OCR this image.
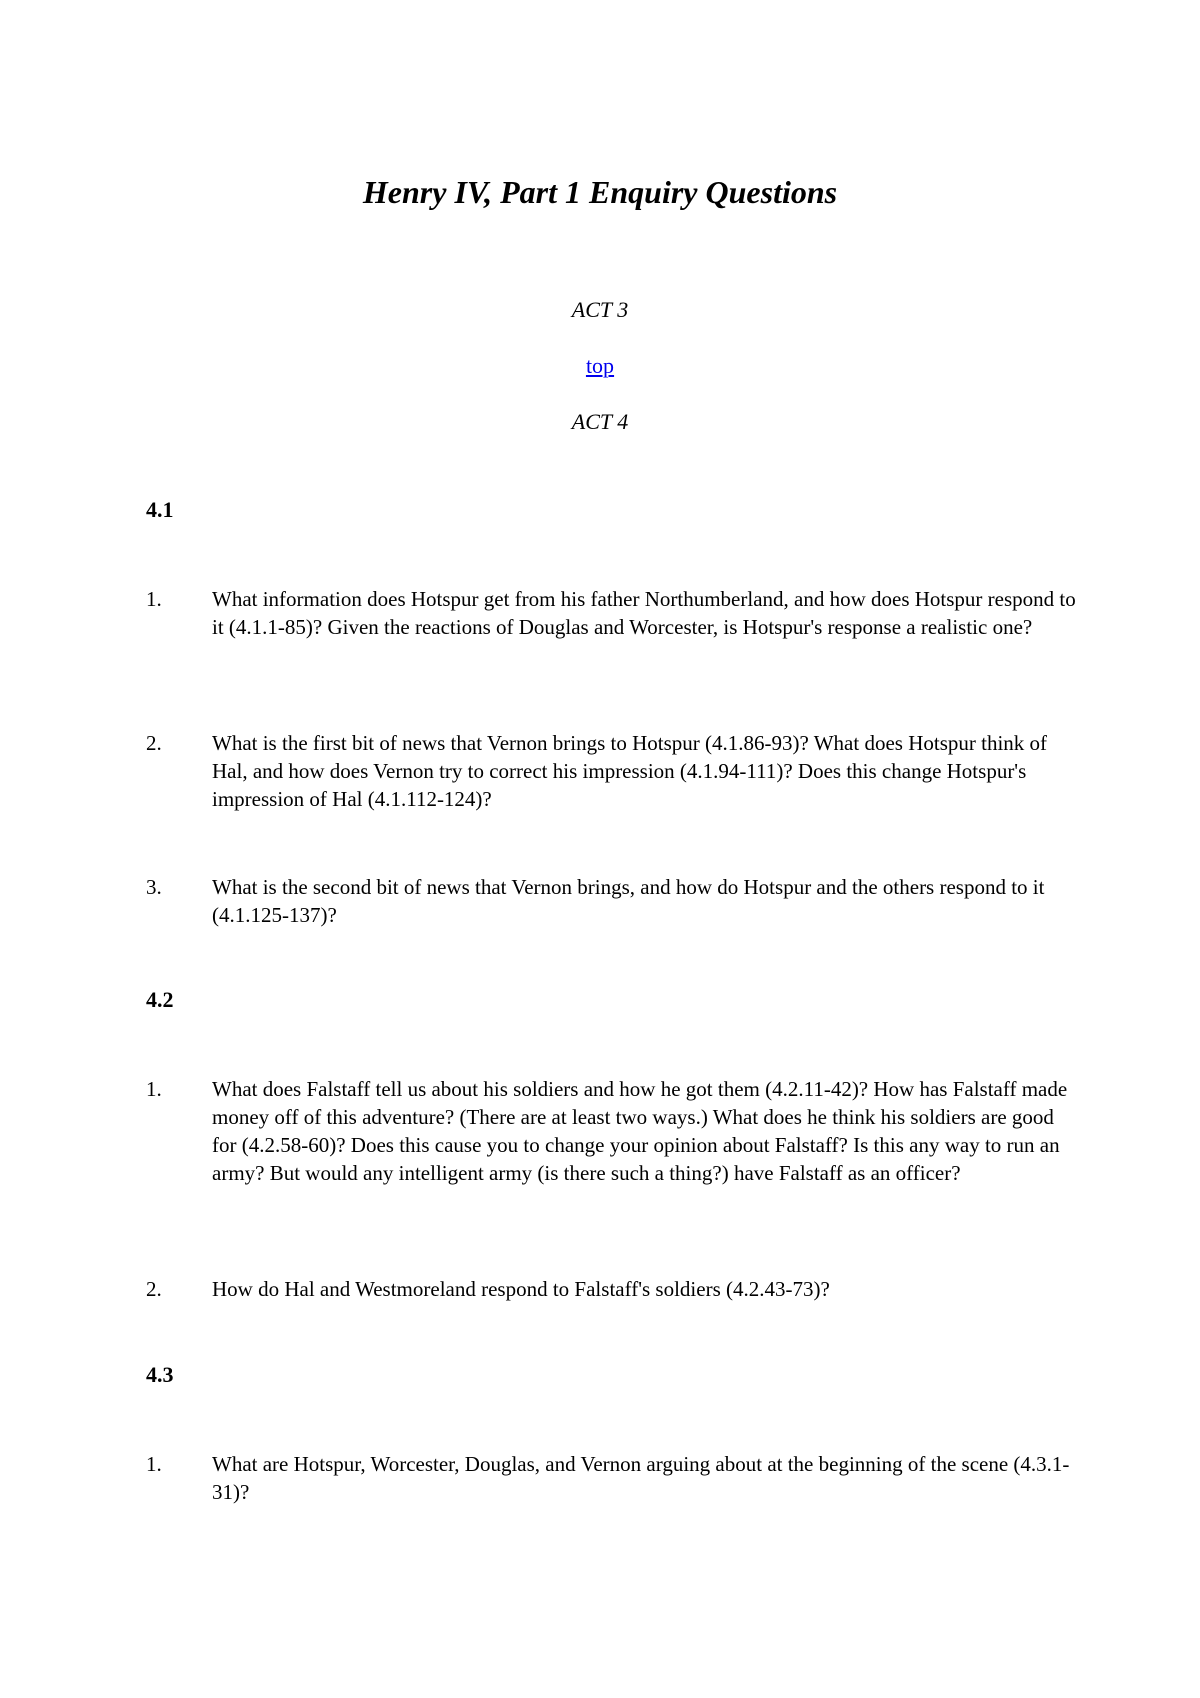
Henry IV, Part 1 Enquiry Questions

ACT 3

top

ACT 4

4.1

1.	What information does Hotspur get from his father Northumberland, and how does Hotspur respond to it (4.1.1-85)? Given the reactions of Douglas and Worcester, is Hotspur's response a realistic one?
2.	What is the first bit of news that Vernon brings to Hotspur (4.1.86-93)? What does Hotspur think of Hal, and how does Vernon try to correct his impression (4.1.94-111)? Does this change Hotspur's impression of Hal (4.1.112-124)?
3.	What is the second bit of news that Vernon brings, and how do Hotspur and the others respond to it (4.1.125-137)?

4.2

1.	What does Falstaff tell us about his soldiers and how he got them (4.2.11-42)? How has Falstaff made money off of this adventure? (There are at least two ways.) What does he think his soldiers are good for (4.2.58-60)? Does this cause you to change your opinion about Falstaff? Is this any way to run an army? But would any intelligent army (is there such a thing?) have Falstaff as an officer?
2.	How do Hal and Westmoreland respond to Falstaff's soldiers (4.2.43-73)?

4.3

1.	What are Hotspur, Worcester, Douglas, and Vernon arguing about at the beginning of the scene (4.3.1-31)?
